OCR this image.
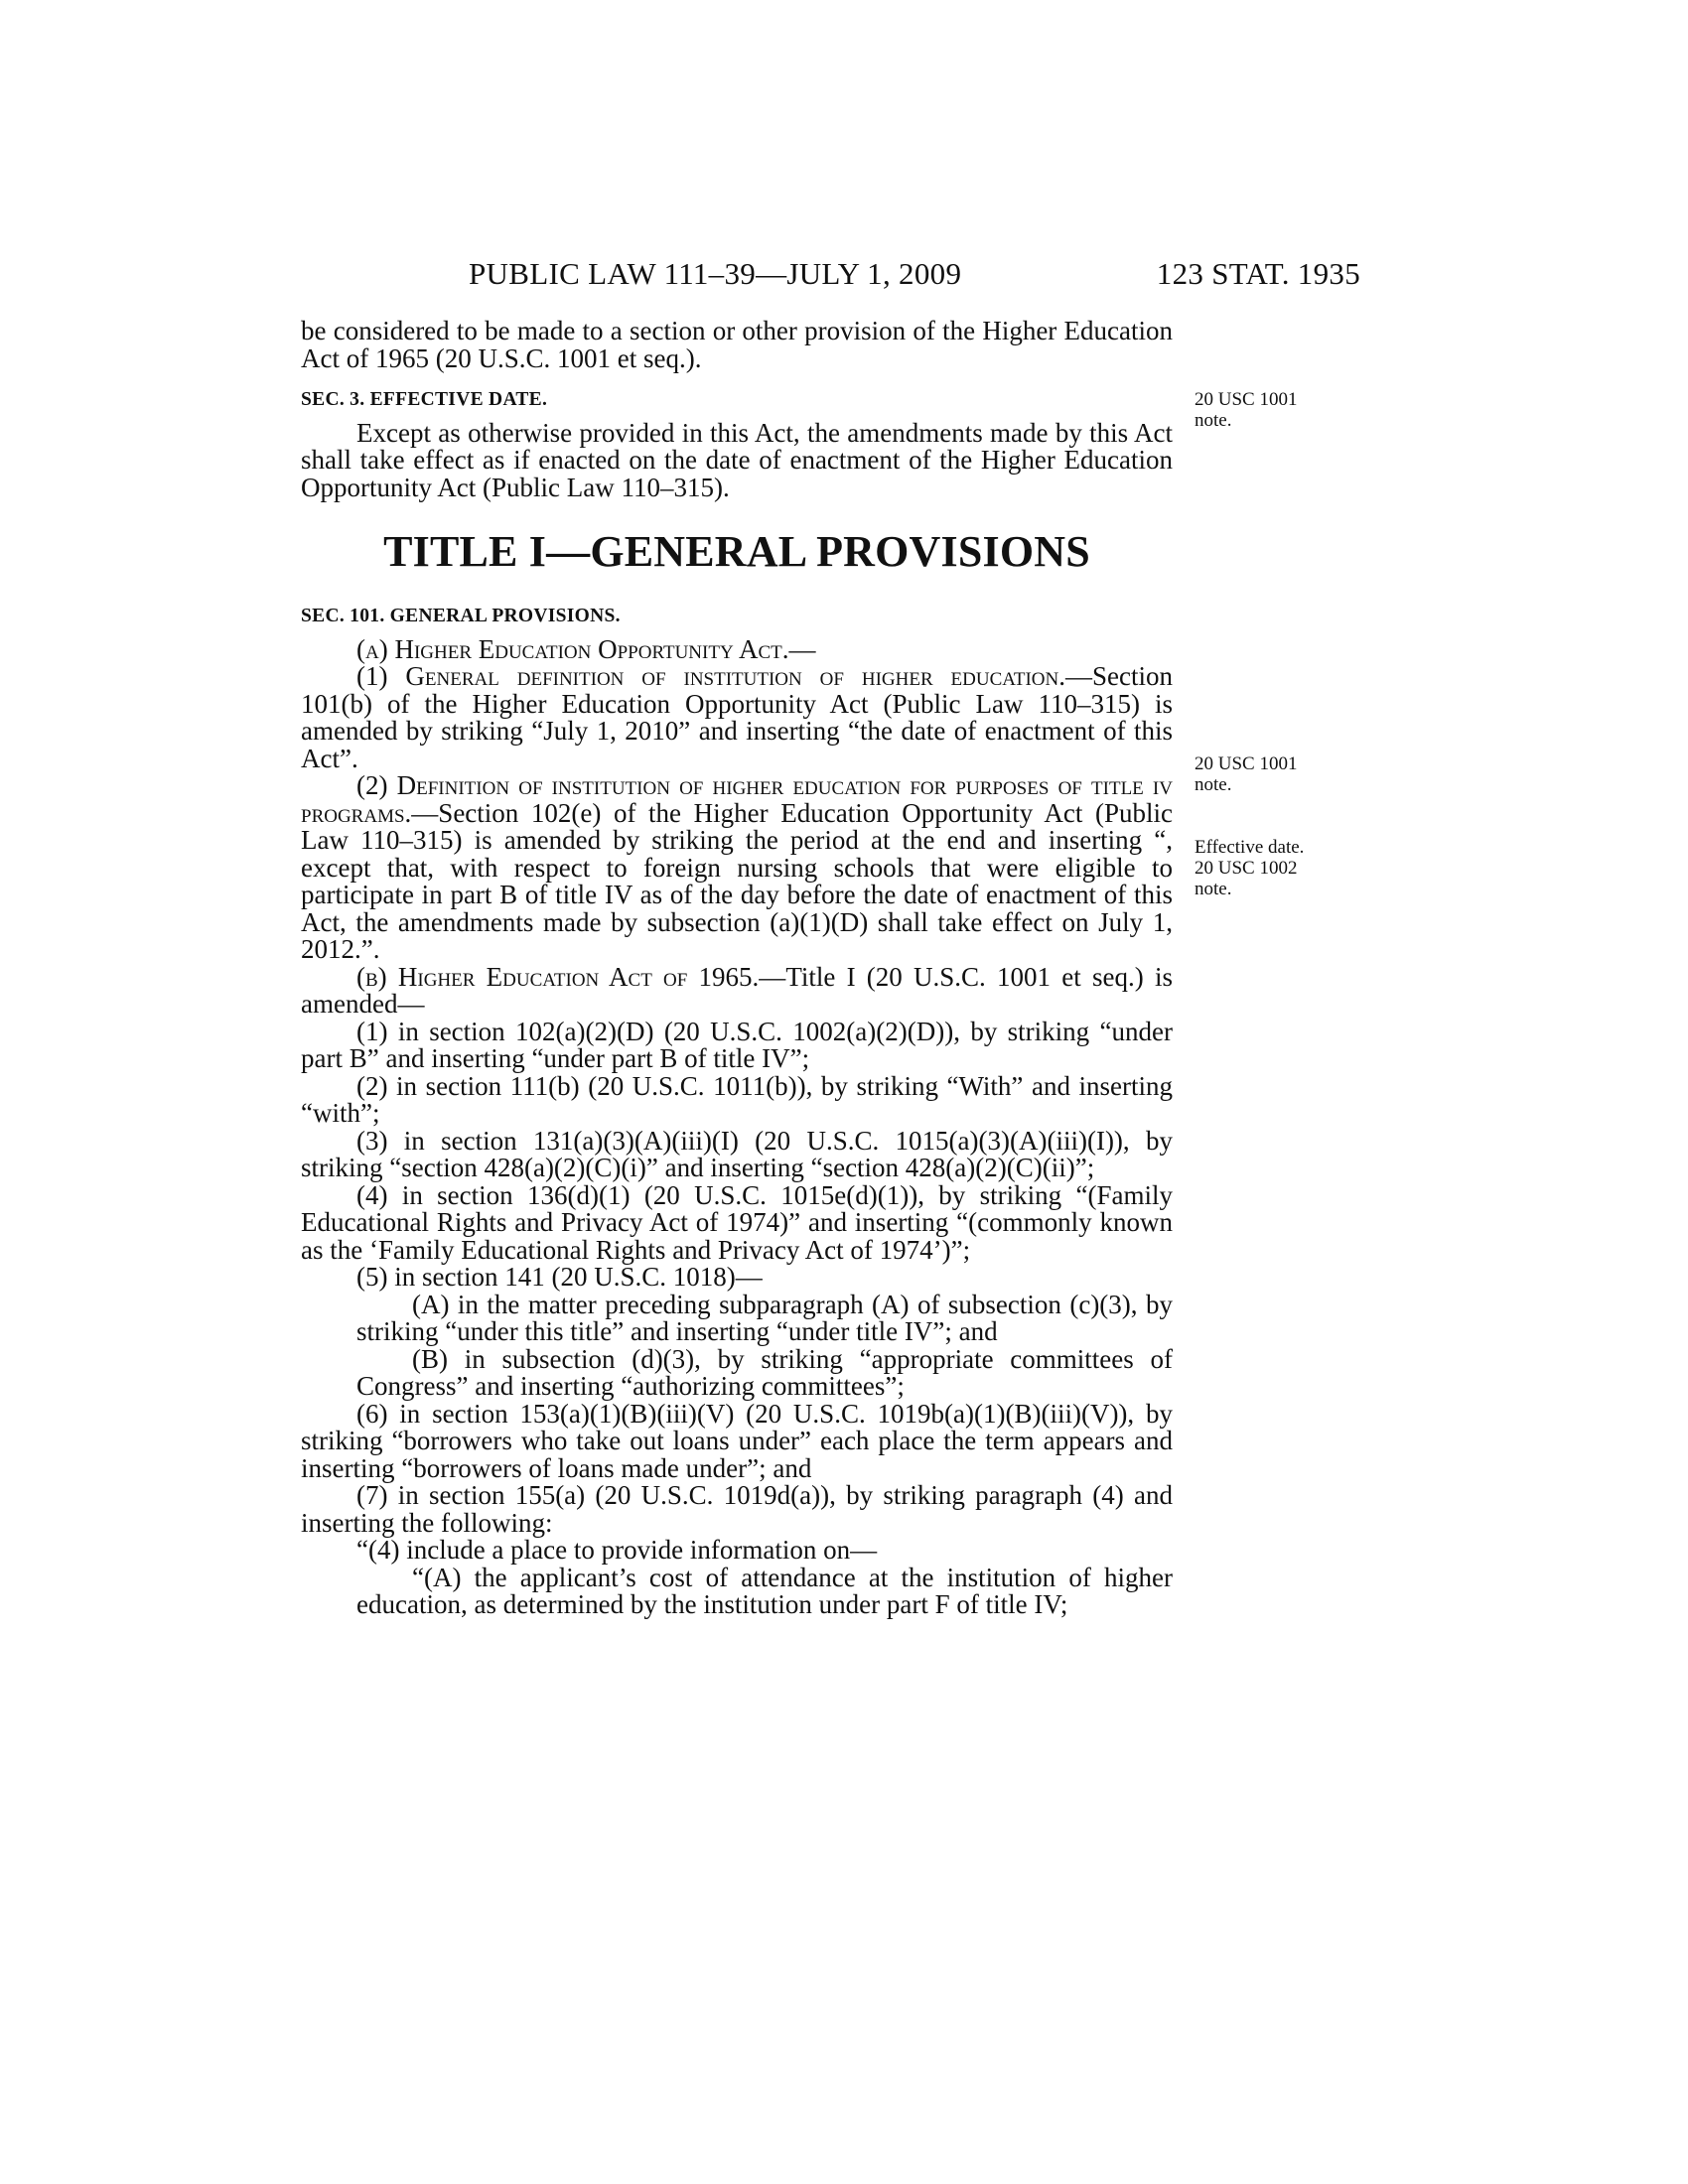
PUBLIC LAW 111–39—JULY 1, 2009	123 STAT. 1935

be considered to be made to a section or other provision of the Higher Education Act of 1965 (20 U.S.C. 1001 et seq.).

SEC. 3. EFFECTIVE DATE.

Except as otherwise provided in this Act, the amendments made by this Act shall take effect as if enacted on the date of enactment of the Higher Education Opportunity Act (Public Law 110–315).

TITLE I—GENERAL PROVISIONS
SEC. 101. GENERAL PROVISIONS.

(a) Higher Education Opportunity Act.—

(1) General definition of institution of higher education.—Section 101(b) of the Higher Education Opportunity Act (Public Law 110–315) is amended by striking “July 1, 2010” and inserting “the date of enactment of this Act”.

(2) Definition of institution of higher education for purposes of title iv programs.—Section 102(e) of the Higher Education Opportunity Act (Public Law 110–315) is amended by striking the period at the end and inserting “, except that, with respect to foreign nursing schools that were eligible to participate in part B of title IV as of the day before the date of enactment of this Act, the amendments made by subsection (a)(1)(D) shall take effect on July 1, 2012.”.

(b) Higher Education Act of 1965.—Title I (20 U.S.C. 1001 et seq.) is amended—

(1) in section 102(a)(2)(D) (20 U.S.C. 1002(a)(2)(D)), by striking “under part B” and inserting “under part B of title IV”;

(2) in section 111(b) (20 U.S.C. 1011(b)), by striking “With” and inserting “with”;

(3) in section 131(a)(3)(A)(iii)(I) (20 U.S.C. 1015(a)(3)(A)(iii)(I)), by striking “section 428(a)(2)(C)(i)” and inserting “section 428(a)(2)(C)(ii)”;

(4) in section 136(d)(1) (20 U.S.C. 1015e(d)(1)), by striking “(Family Educational Rights and Privacy Act of 1974)” and inserting “(commonly known as the ‘Family Educational Rights and Privacy Act of 1974’)”;

(5) in section 141 (20 U.S.C. 1018)—

(A) in the matter preceding subparagraph (A) of subsection (c)(3), by striking “under this title” and inserting “under title IV”; and

(B) in subsection (d)(3), by striking “appropriate committees of Congress” and inserting “authorizing committees”;

(6) in section 153(a)(1)(B)(iii)(V) (20 U.S.C. 1019b(a)(1)(B)(iii)(V)), by striking “borrowers who take out loans under” each place the term appears and inserting “borrowers of loans made under”; and

(7) in section 155(a) (20 U.S.C. 1019d(a)), by striking paragraph (4) and inserting the following:

“(4) include a place to provide information on—

“(A) the applicant’s cost of attendance at the institution of higher education, as determined by the institution under part F of title IV;

20 USC 1001
note.
20 USC 1001
note.
Effective date.
20 USC 1002
note.
